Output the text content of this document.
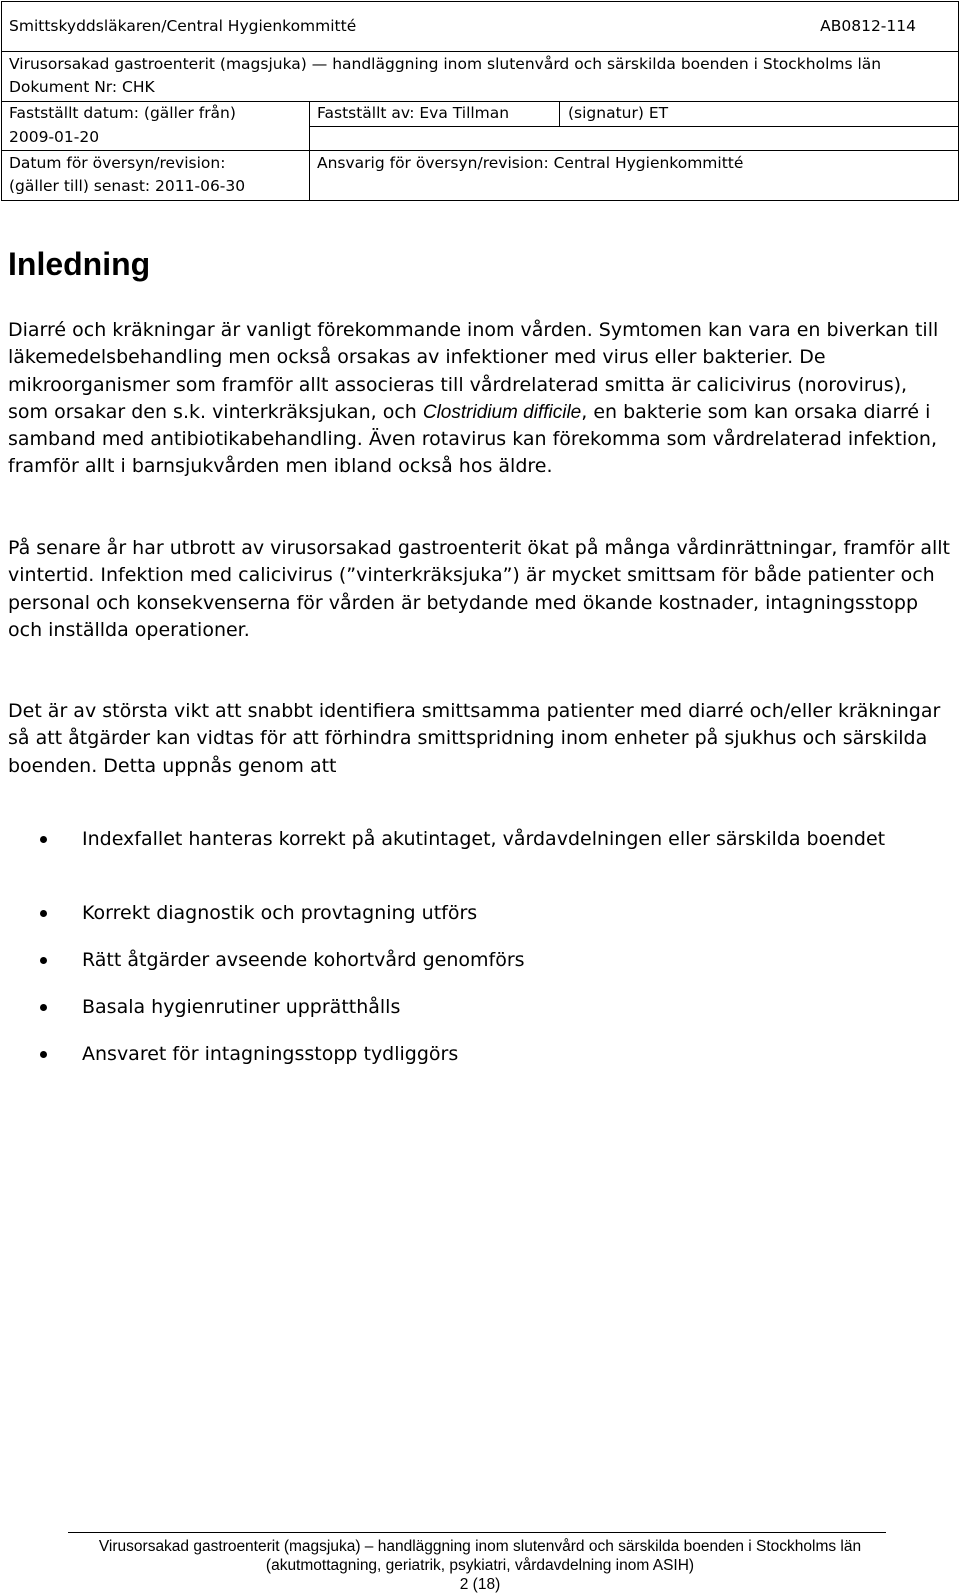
Smittskyddsläkaren/Central Hygienkommitté	AB0812-114
Virusorsakad gastroenterit (magsjuka) — handläggning inom slutenvård och särskilda boenden i Stockholms län
Dokument Nr: CHK
Fastställt datum: (gäller från)
2009-01-20
Fastställt av: Eva Tillman	(signatur) ET
Datum för översyn/revision:
(gäller till) senast: 2011-06-30
Ansvarig för översyn/revision: Central Hygienkommitté
Inledning

Diarré och kräkningar är vanligt förekommande inom vården. Symtomen kan vara en biverkan till läkemedelsbehandling men också orsakas av infektioner med virus eller bakterier. De mikroorganismer som framför allt associeras till vårdrelaterad smitta är calicivirus (norovirus), som orsakar den s.k. vinterkräksjukan, och Clostridium difficile, en bakterie som kan orsaka diarré i samband med antibiotikabehandling. Även rotavirus kan förekomma som vårdrelaterad infektion, framför allt i barnsjukvården men ibland också hos äldre.

På senare år har utbrott av virusorsakad gastroenterit ökat på många vårdinrättningar, framför allt vintertid. Infektion med calicivirus (”vinterkräksjuka”) är mycket smittsam för både patienter och personal och konsekvenserna för vården är betydande med ökande kostnader, intagningsstopp och inställda operationer.

Det är av största vikt att snabbt identifiera smittsamma patienter med diarré och/eller kräkningar så att åtgärder kan vidtas för att förhindra smittspridning inom enheter på sjukhus och särskilda boenden. Detta uppnås genom att

Indexfallet hanteras korrekt på akutintaget, vårdavdelningen eller särskilda boendet
Korrekt diagnostik och provtagning utförs
Rätt åtgärder avseende kohortvård genomförs
Basala hygienrutiner upprätthålls
Ansvaret för intagningsstopp tydliggörs
Virusorsakad gastroenterit (magsjuka) – handläggning inom slutenvård och särskilda boenden i Stockholms län
(akutmottagning, geriatrik, psykiatri, vårdavdelning inom ASIH)
2 (18)
